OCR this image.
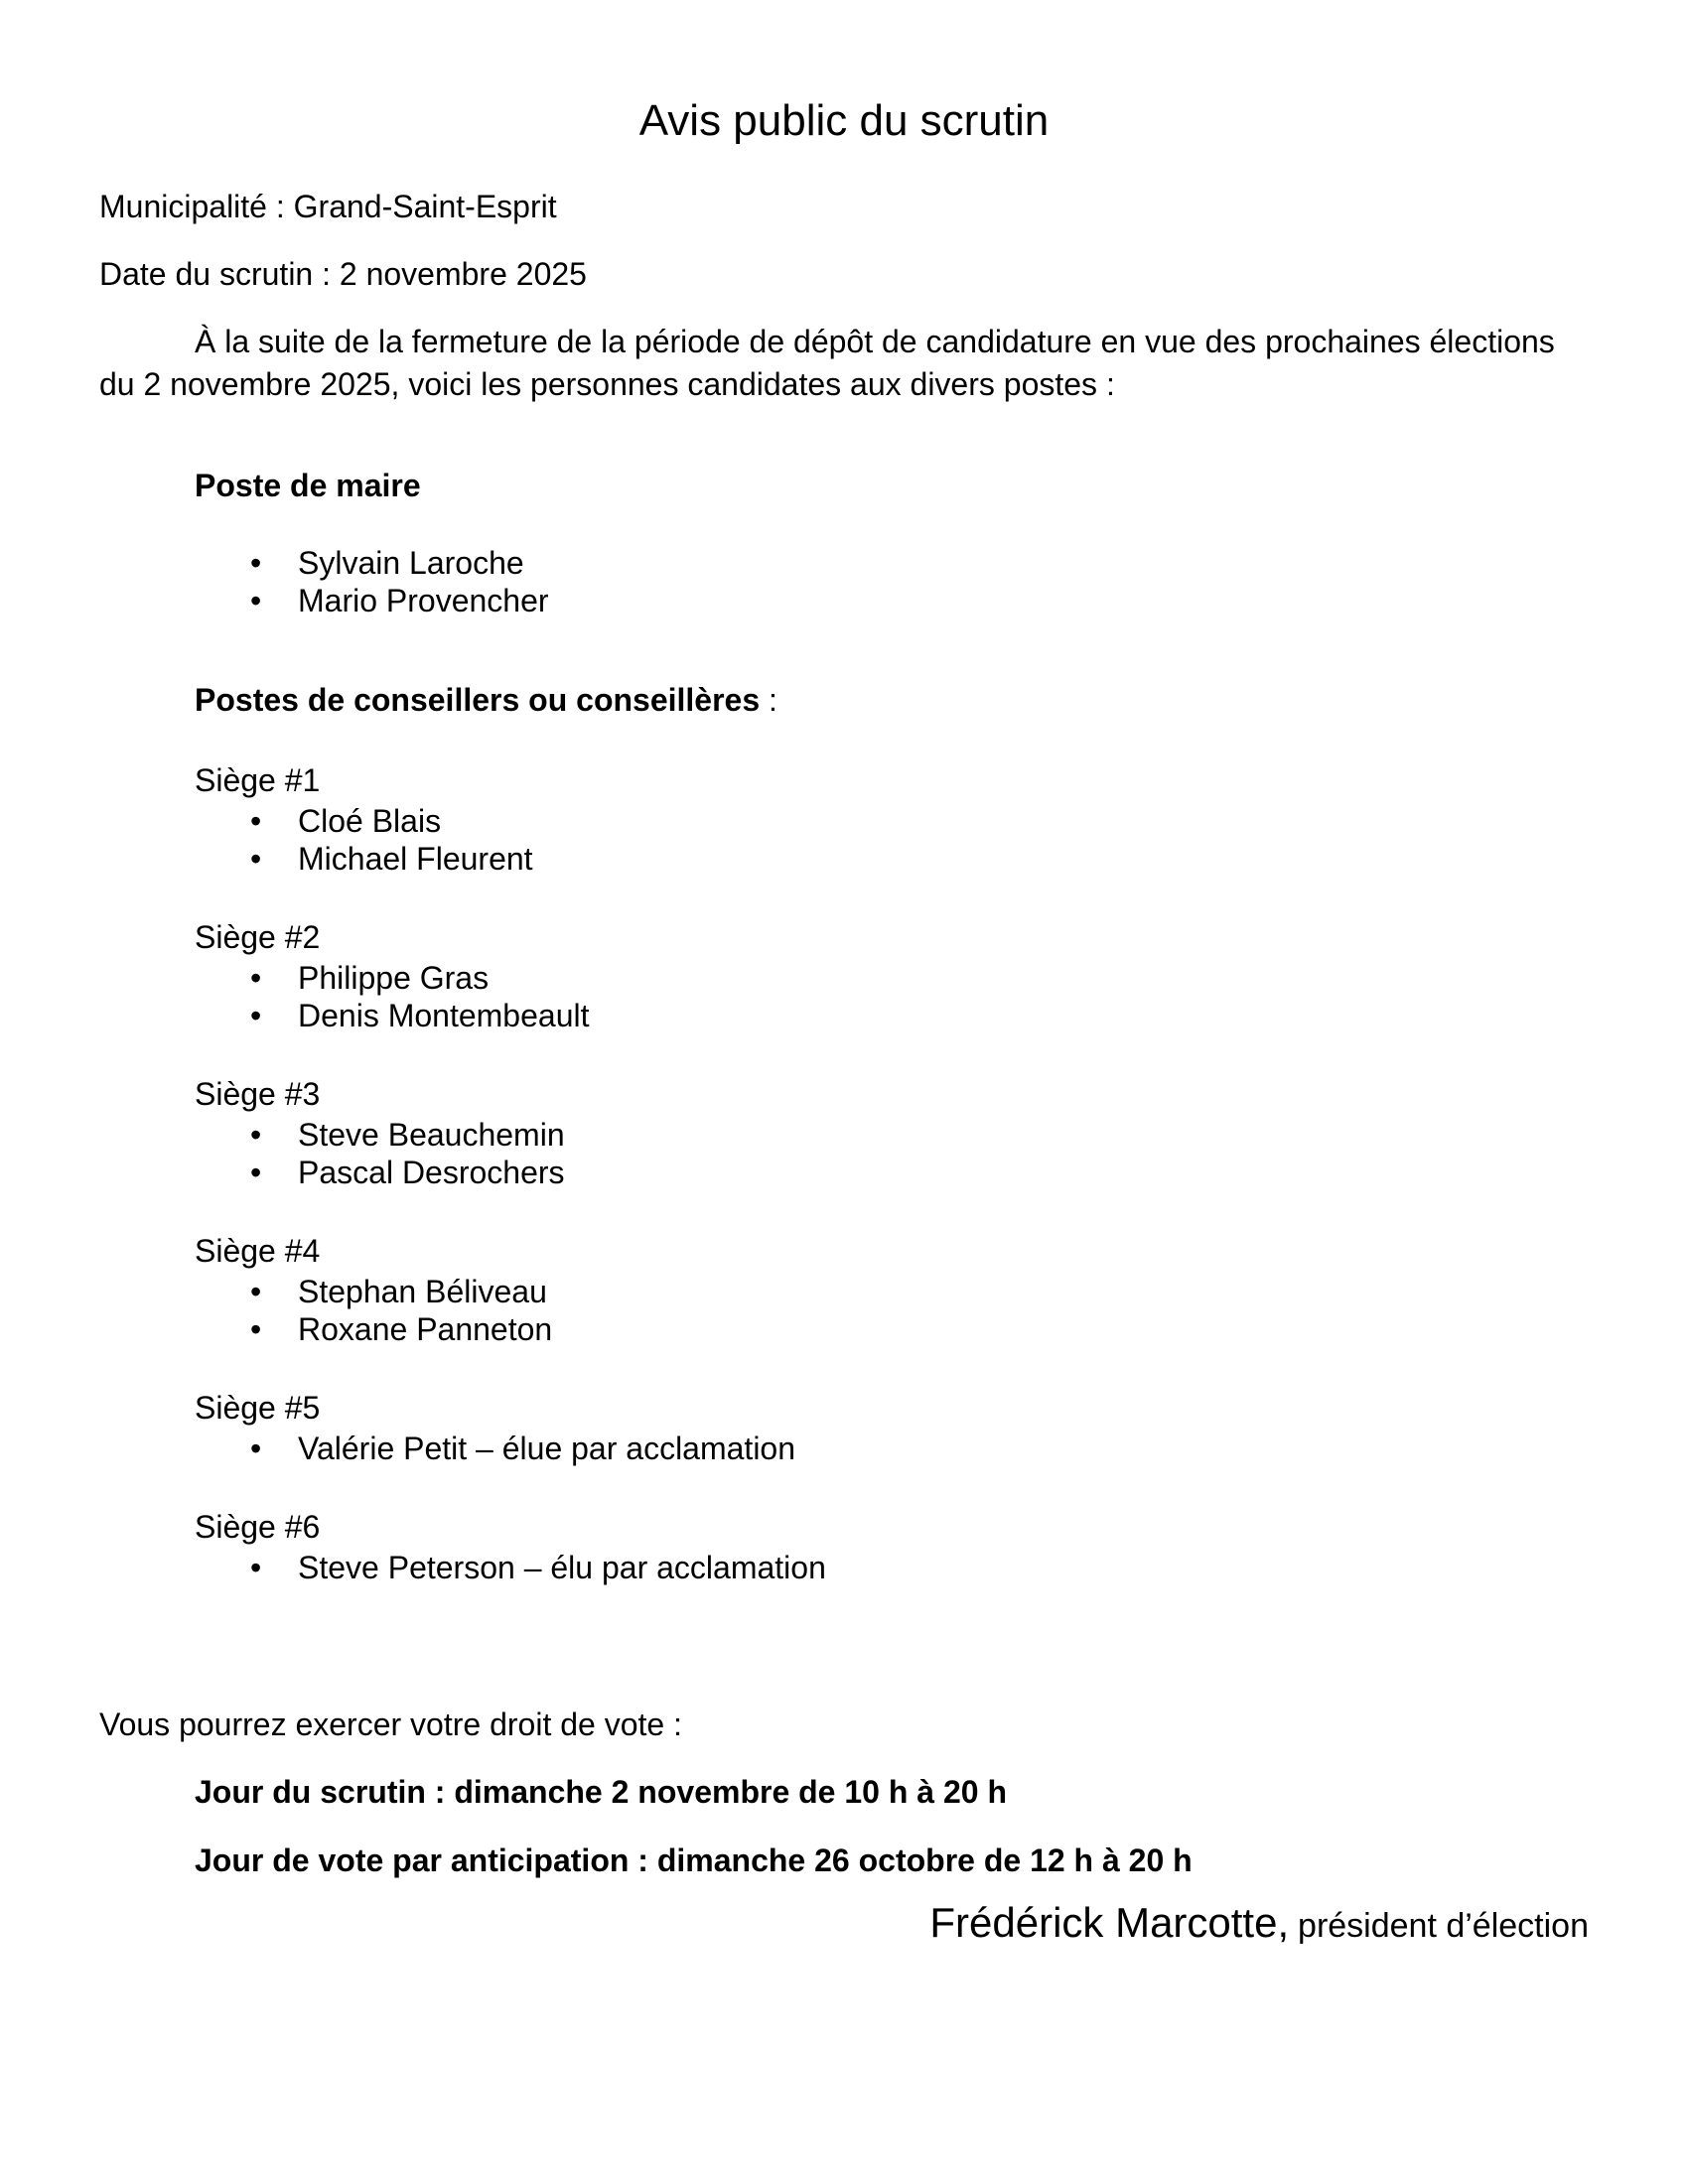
Avis public du scrutin

Municipalité : Grand-Saint-Esprit

Date du scrutin : 2 novembre 2025

À la suite de la fermeture de la période de dépôt de candidature en vue des prochaines élections du 2 novembre 2025, voici les personnes candidates aux divers postes :

Poste de maire

• Sylvain Laroche
• Mario Provencher

Postes de conseillers ou conseillères :

Siège #1

• Cloé Blais
• Michael Fleurent

Siège #2

• Philippe Gras
• Denis Montembeault

Siège #3

• Steve Beauchemin
• Pascal Desrochers

Siège #4

• Stephan Béliveau
• Roxane Panneton

Siège #5

• Valérie Petit – élue par acclamation

Siège #6

• Steve Peterson – élu par acclamation

Vous pourrez exercer votre droit de vote :

Jour du scrutin : dimanche 2 novembre de 10 h à 20 h

Jour de vote par anticipation : dimanche 26 octobre de 12 h à 20 h

Frédérick Marcotte, président d’élection
